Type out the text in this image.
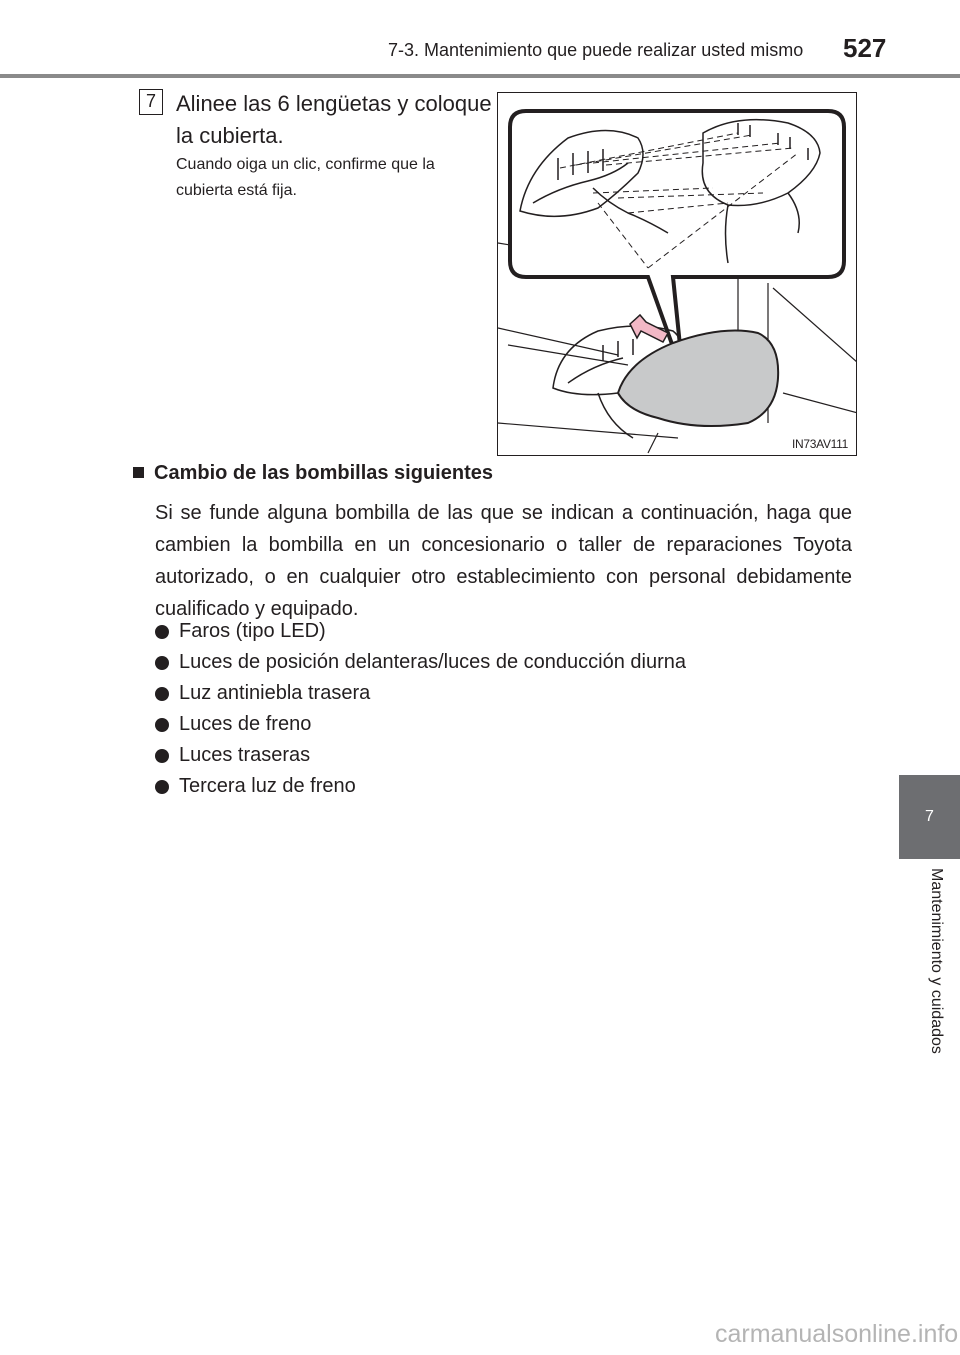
7-3. Mantenimiento que puede realizar usted mismo 527
7 Alinee las 6 lengüetas y coloque la cubierta.
Cuando oiga un clic, confirme que la cubierta está fija.
IN73AV111
Cambio de las bombillas siguientes
Si se funde alguna bombilla de las que se indican a continuación, haga que cambien la bombilla en un concesionario o taller de reparaciones Toyota autorizado, o en cualquier otro establecimiento con personal debidamente cualificado y equipado.
Faros (tipo LED)
Luces de posición delanteras/luces de conducción diurna
Luz antiniebla trasera
Luces de freno
Luces traseras
Tercera luz de freno
7
Mantenimiento y cuidados
carmanualsonline.info
